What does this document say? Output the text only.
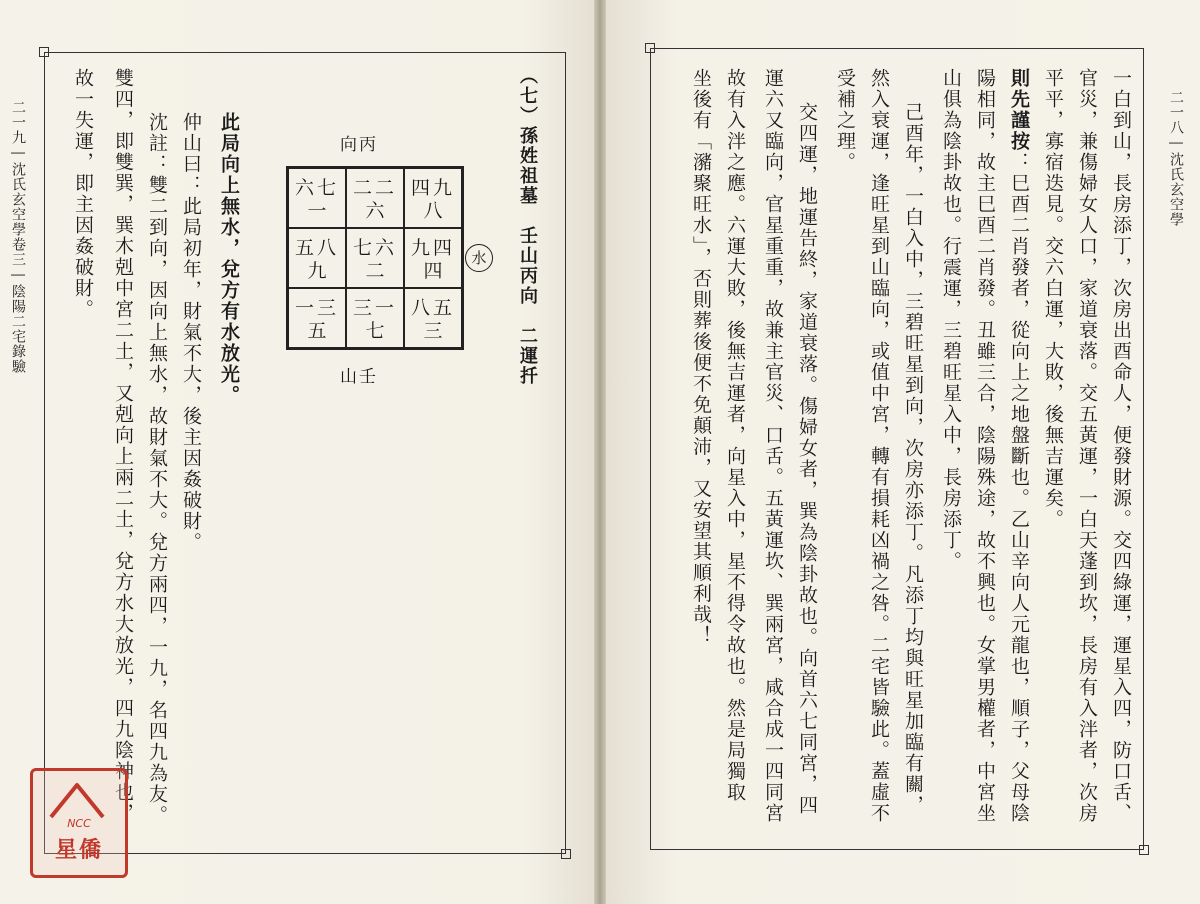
二一九―沈氏玄空學卷三―陰陽二宅錄驗	（七）孫姓祖墓　壬山丙向　二運扦
向丙
六七
一
二二
六
四九
八
五八
九
七六
二
九四
四
一三
五
三一
七
八五
三
水
山壬
此局向上無水，兌方有水放光。
仲山曰：此局初年，財氣不大，後主因姦破財。
沈註：雙二到向，因向上無水，故財氣不大。兌方兩四，一九，名四九為友。
雙四，即雙巽，巽木剋中宮二土，又剋向上兩二土，兌方水大放光，四九陰神也，
故一失運，即主因姦破財。	二一八―沈氏玄空學
一白到山，長房添丁，次房出酉命人，便發財源。交四綠運，運星入四，防口舌、
官災，兼傷婦女人口，家道衰落。交五黃運，一白天蓬到坎，長房有入泮者，次房
平平，寡宿迭見。交六白運，大敗，後無吉運矣。
則先謹按：巳酉二肖發者，從向上之地盤斷也。乙山辛向人元龍也，順子，父母陰
陽相同，故主巳酉二肖發。丑雖三合，陰陽殊途，故不興也。女掌男權者，中宮坐
山俱為陰卦故也。行震運，三碧旺星入中，長房添丁。
己酉年，一白入中，三碧旺星到向，次房亦添丁。凡添丁均與旺星加臨有關，
然入衰運，逢旺星到山臨向，或值中宮，轉有損耗凶禍之咎。二宅皆驗此。蓋虛不
受補之理。
交四運，地運告終，家道衰落。傷婦女者，巽為陰卦故也。向首六七同宮，四
運六又臨向，官星重重，故兼主官災、口舌。五黃運坎、巽兩宮，咸合成一四同宮
故有入泮之應。六運大敗，後無吉運者，向星入中，星不得令故也。然是局獨取
坐後有「瀦聚旺水」，否則葬後便不免顛沛，又安望其順利哉！
NCC
星僑
